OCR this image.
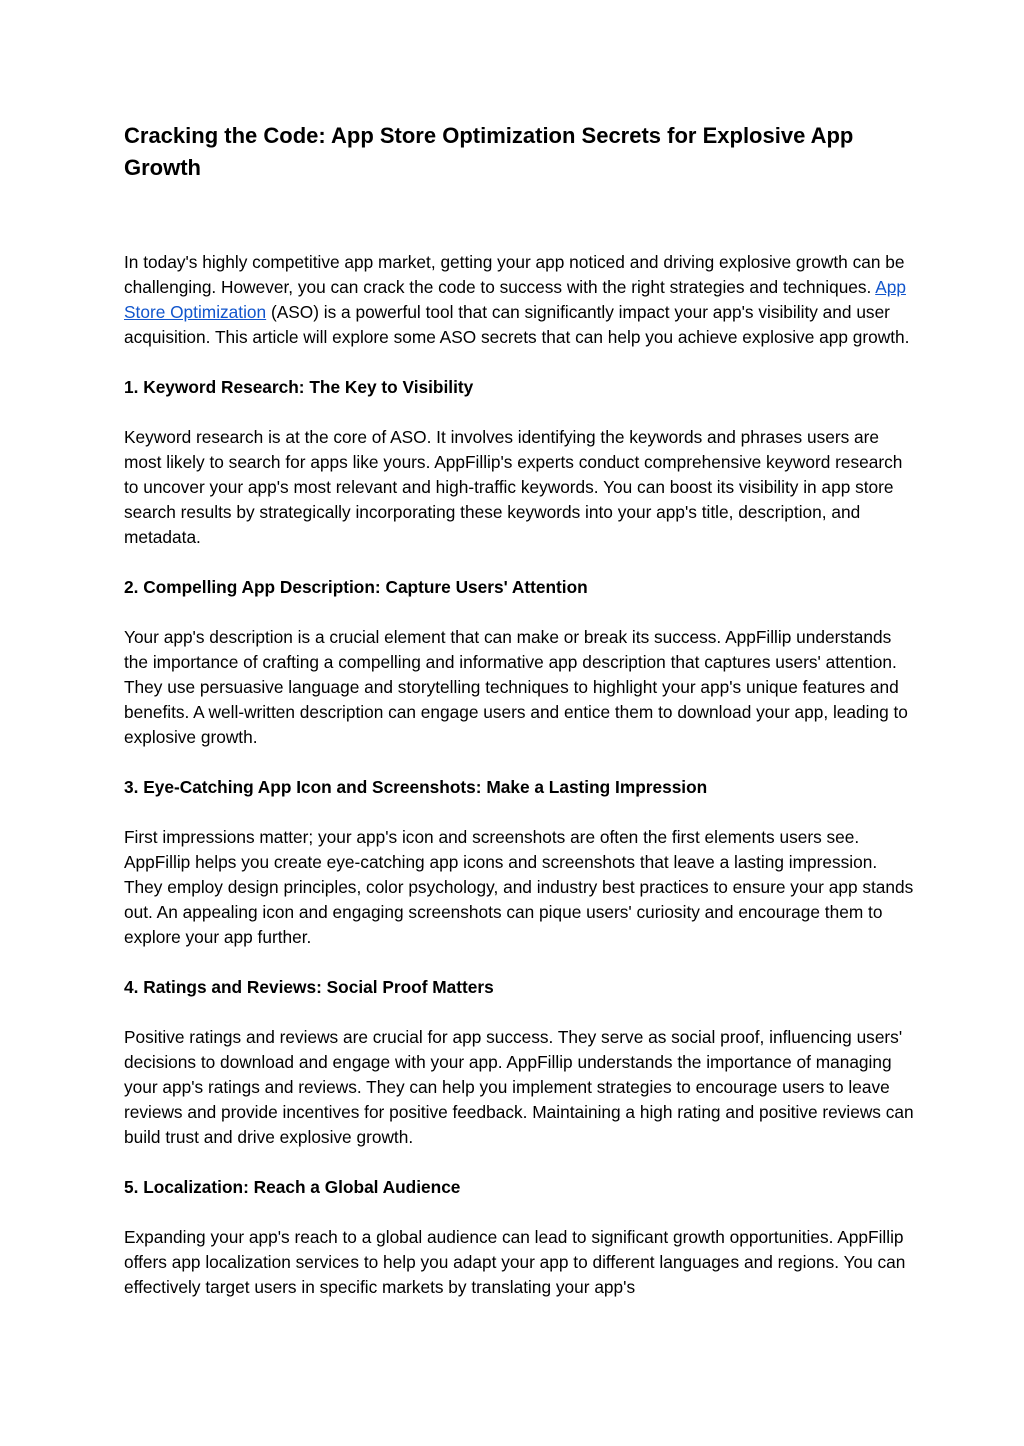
Cracking the Code: App Store Optimization Secrets for Explosive App Growth

In today's highly competitive app market, getting your app noticed and driving explosive growth can be challenging. However, you can crack the code to success with the right strategies and techniques. App Store Optimization (ASO) is a powerful tool that can significantly impact your app's visibility and user acquisition. This article will explore some ASO secrets that can help you achieve explosive app growth.

1. Keyword Research: The Key to Visibility

Keyword research is at the core of ASO. It involves identifying the keywords and phrases users are most likely to search for apps like yours. AppFillip's experts conduct comprehensive keyword research to uncover your app's most relevant and high-traffic keywords. You can boost its visibility in app store search results by strategically incorporating these keywords into your app's title, description, and metadata.

2. Compelling App Description: Capture Users' Attention

Your app's description is a crucial element that can make or break its success. AppFillip understands the importance of crafting a compelling and informative app description that captures users' attention. They use persuasive language and storytelling techniques to highlight your app's unique features and benefits. A well-written description can engage users and entice them to download your app, leading to explosive growth.

3. Eye-Catching App Icon and Screenshots: Make a Lasting Impression

First impressions matter; your app's icon and screenshots are often the first elements users see. AppFillip helps you create eye-catching app icons and screenshots that leave a lasting impression. They employ design principles, color psychology, and industry best practices to ensure your app stands out. An appealing icon and engaging screenshots can pique users' curiosity and encourage them to explore your app further.

4. Ratings and Reviews: Social Proof Matters

Positive ratings and reviews are crucial for app success. They serve as social proof, influencing users' decisions to download and engage with your app. AppFillip understands the importance of managing your app's ratings and reviews. They can help you implement strategies to encourage users to leave reviews and provide incentives for positive feedback. Maintaining a high rating and positive reviews can build trust and drive explosive growth.

5. Localization: Reach a Global Audience

Expanding your app's reach to a global audience can lead to significant growth opportunities. AppFillip offers app localization services to help you adapt your app to different languages and regions. You can effectively target users in specific markets by translating your app's
